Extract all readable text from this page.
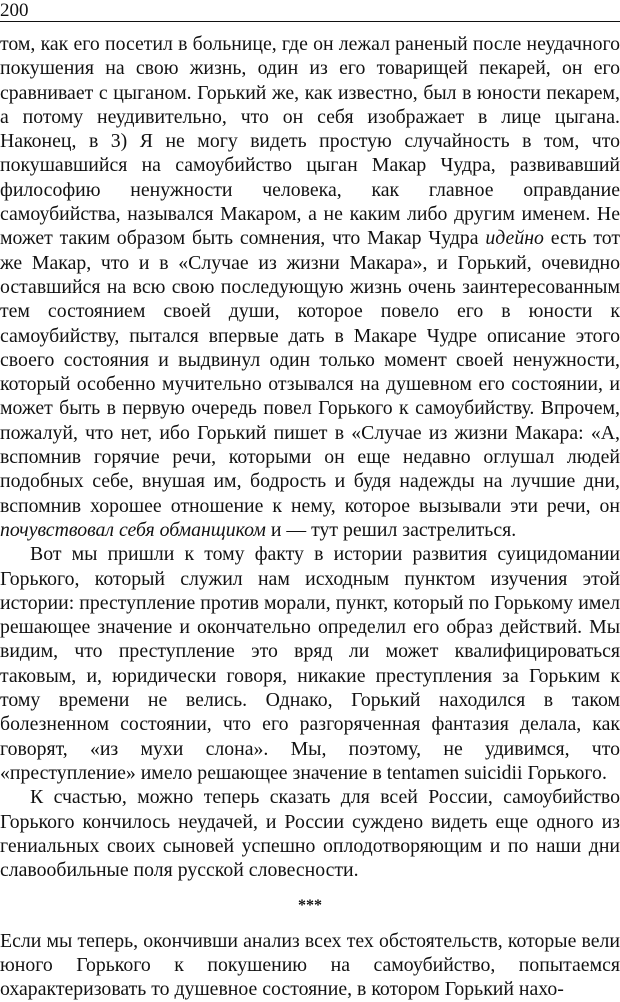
200

том, как его посетил в больнице, где он лежал раненый после неудачного покушения на свою жизнь, один из его товарищей пекарей, он его сравнивает с цыганом. Горький же, как известно, был в юности пекарем, а потому неудивительно, что он себя изображает в лице цыгана. Наконец, в 3) Я не могу видеть простую случайность в том, что покушавшийся на самоубийство цыган Макар Чудра, развивавший философию ненужности человека, как главное оправдание самоубийства, назывался Макаром, а не каким либо другим именем. Не может таким образом быть сомнения, что Макар Чудра идейно есть тот же Макар, что и в «Случае из жизни Макара», и Горький, очевидно оставшийся на всю свою последующую жизнь очень заинтересованным тем состоянием своей души, которое повело его в юности к самоубийству, пытался впервые дать в Макаре Чудре описание этого своего состояния и выдвинул один только момент своей ненужности, который особенно мучительно отзывался на душевном его состоянии, и может быть в первую очередь повел Горького к самоубийству. Впрочем, пожалуй, что нет, ибо Горький пишет в «Случае из жизни Макара: «А, вспомнив горячие речи, которыми он еще недавно оглушал людей подобных себе, внушая им, бодрость и будя надежды на лучшие дни, вспомнив хорошее отношение к нему, которое вызывали эти речи, он почувствовал себя обманщиком и — тут решил застрелиться.

Вот мы пришли к тому факту в истории развития суицидомании Горького, который служил нам исходным пунктом изучения этой истории: преступление против морали, пункт, который по Горькому имел решающее значение и окончательно определил его образ действий. Мы видим, что преступление это вряд ли может квалифицироваться таковым, и, юридически говоря, никакие преступления за Горьким к тому времени не велись. Однако, Горький находился в таком болезненном состоянии, что его разгоряченная фантазия делала, как говорят, «из мухи слона». Мы, поэтому, не удивимся, что «преступление» имело решающее значение в tentamen suicidii Горького.

К счастью, можно теперь сказать для всей России, самоубийство Горького кончилось неудачей, и России суждено видеть еще одного из гениальных своих сыновей успешно оплодотворяющим и по наши дни славообильные поля русской словесности.

***

Если мы теперь, окончивши анализ всех тех обстоятельств, которые вели юного Горького к покушению на самоубийство, попытаемся охарактеризовать то душевное состояние, в котором Горький нахо-
